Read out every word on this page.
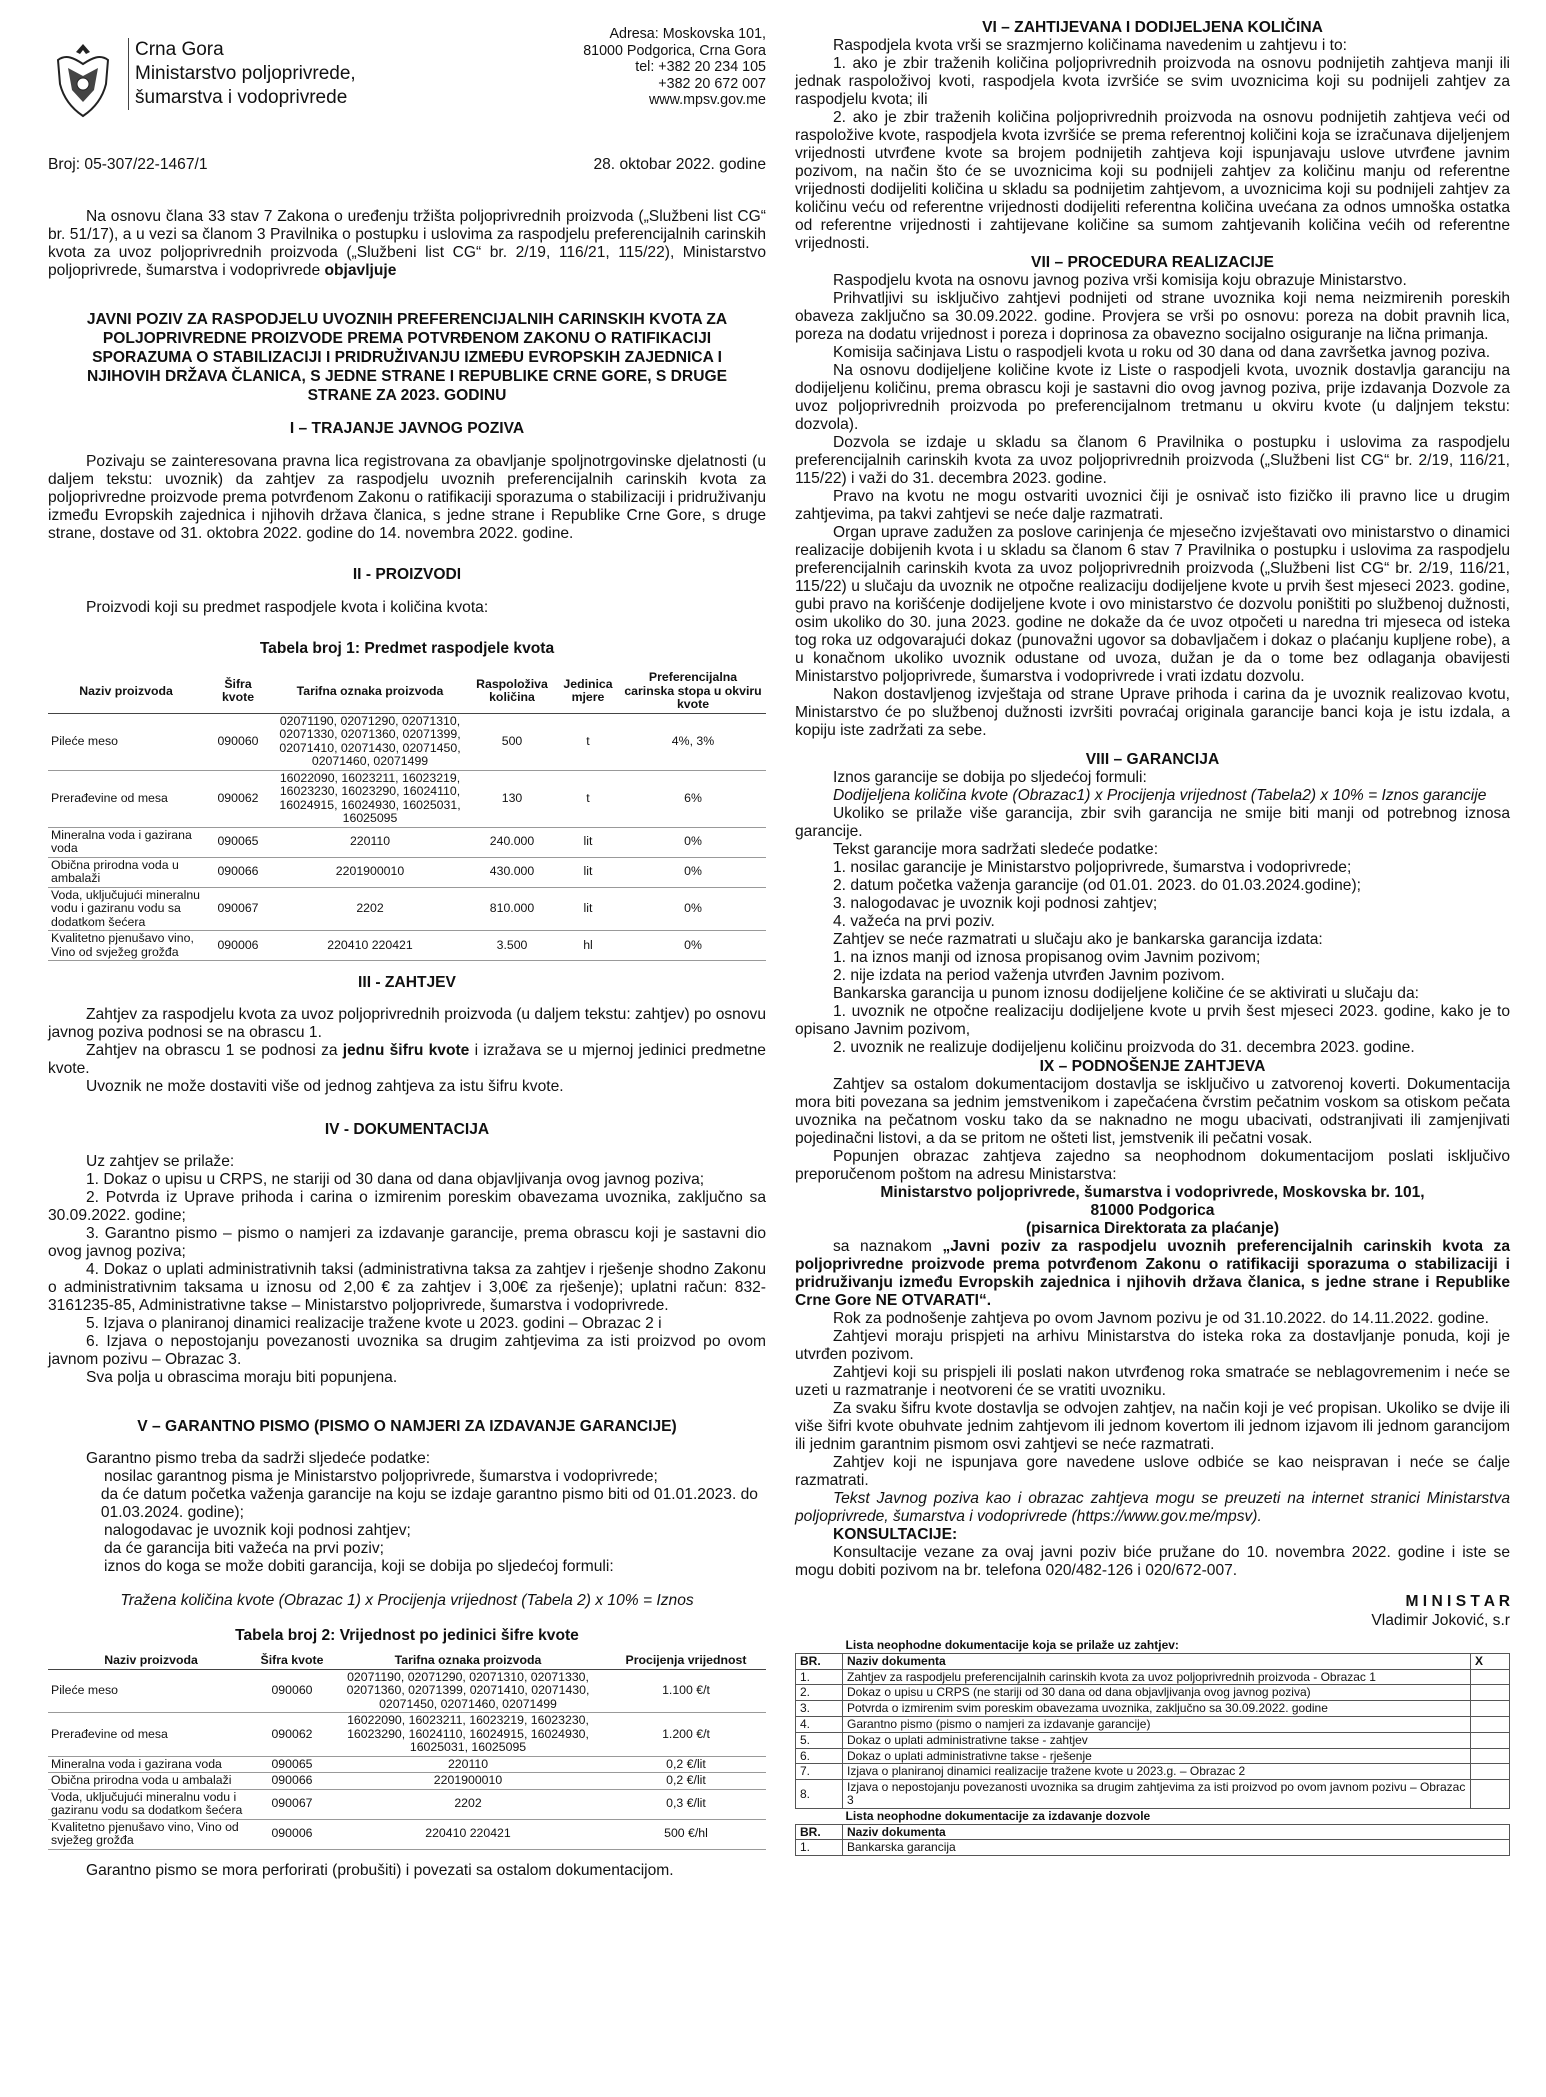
Crna Gora
Ministarstvo poljoprivrede,
šumarstva i vodoprivrede
Adresa: Moskovska 101,
81000 Podgorica, Crna Gora
tel: +382 20 234 105
+382 20 672 007
www.mpsv.gov.me
Broj: 05-307/22-1467/1	28. oktobar 2022. godine

Na osnovu člana 33 stav 7 Zakona o uređenju tržišta poljoprivrednih proizvoda („Službeni list CG“ br. 51/17), a u vezi sa članom 3 Pravilnika o postupku i uslovima za raspodjelu preferencijalnih carinskih kvota za uvoz poljoprivrednih proizvoda („Službeni list CG“ br. 2/19, 116/21, 115/22), Ministarstvo poljoprivrede, šumarstva i vodoprivrede objavljuje

JAVNI POZIV ZA RASPODJELU UVOZNIH PREFERENCIJALNIH CARINSKIH KVOTA ZA POLJOPRIVREDNE PROIZVODE PREMA POTVRĐENOM ZAKONU O RATIFIKACIJI SPORAZUMA O STABILIZACIJI I PRIDRUŽIVANJU IZMEĐU EVROPSKIH ZAJEDNICA I NJIHOVIH DRŽAVA ČLANICA, S JEDNE STRANE I REPUBLIKE CRNE GORE, S DRUGE STRANE ZA 2023. GODINU

I – TRAJANJE JAVNOG POZIVA

Pozivaju se zainteresovana pravna lica registrovana za obavljanje spoljnotrgovinske djelatnosti (u daljem tekstu: uvoznik) da zahtjev za raspodjelu uvoznih preferencijalnih carinskih kvota za poljoprivredne proizvode prema potvrđenom Zakonu o ratifikaciji sporazuma o stabilizaciji i pridruživanju između Evropskih zajednica i njihovih država članica, s jedne strane i Republike Crne Gore, s druge strane, dostave od 31. oktobra 2022. godine do 14. novembra 2022. godine.

II - PROIZVODI

Proizvodi koji su predmet raspodjele kvota i količina kvota:

Tabela broj 1: Predmet raspodjele kvota
Naziv proizvoda	Šifra kvote	Tarifna oznaka proizvoda	Raspoloživa količina	Jedinica mjere	Preferencijalna carinska stopa u okviru kvote
Pileće meso	090060	02071190, 02071290, 02071310, 02071330, 02071360, 02071399, 02071410, 02071430, 02071450, 02071460, 02071499	500	t	4%, 3%
Prerađevine od mesa	090062	16022090, 16023211, 16023219, 16023230, 16023290, 16024110, 16024915, 16024930, 16025031, 16025095	130	t	6%
Mineralna voda i gazirana voda	090065	220110	240.000	lit	0%
Obična prirodna voda u ambalaži	090066	2201900010	430.000	lit	0%
Voda, uključujući mineralnu vodu i gaziranu vodu sa dodatkom šećera	090067	2202	810.000	lit	0%
Kvalitetno pjenušavo vino, Vino od svježeg grožđa	090006	220410 220421	3.500	hl	0%
III - ZAHTJEV

Zahtjev za raspodjelu kvota za uvoz poljoprivrednih proizvoda (u daljem tekstu: zahtjev) po osnovu javnog poziva podnosi se na obrascu 1.

Zahtjev na obrascu 1 se podnosi za jednu šifru kvote i izražava se u mjernoj jedinici predmetne kvote.

Uvoznik ne može dostaviti više od jednog zahtjeva za istu šifru kvote.

IV - DOKUMENTACIJA

Uz zahtjev se prilaže:

1. Dokaz o upisu u CRPS, ne stariji od 30 dana od dana objavljivanja ovog javnog poziva;

2. Potvrda iz Uprave prihoda i carina o izmirenim poreskim obavezama uvoznika, zaključno sa 30.09.2022. godine;

3. Garantno pismo – pismo o namjeri za izdavanje garancije, prema obrascu koji je sastavni dio ovog javnog poziva;

4. Dokaz o uplati administrativnih taksi (administrativna taksa za zahtjev i rješenje shodno Zakonu o administrativnim taksama u iznosu od 2,00 € za zahtjev i 3,00€ za rješenje); uplatni račun: 832-3161235-85, Administrativne takse – Ministarstvo poljoprivrede, šumarstva i vodoprivrede.

5. Izjava o planiranoj dinamici realizacije tražene kvote u 2023. godini – Obrazac 2 i

6. Izjava o nepostojanju povezanosti uvoznika sa drugim zahtjevima za isti proizvod po ovom javnom pozivu – Obrazac 3.

Sva polja u obrascima moraju biti popunjena.

V – GARANTNO PISMO (PISMO O NAMJERI ZA IZDAVANJE GARANCIJE)

Garantno pismo treba da sadrži sljedeće podatke:

nosilac garantnog pisma je Ministarstvo poljoprivrede, šumarstva i vodoprivrede;
da će datum početka važenja garancije na koju se izdaje garantno pismo biti od 01.01.2023. do 01.03.2024. godine);
nalogodavac je uvoznik koji podnosi zahtjev;
da će garancija biti važeća na prvi poziv;
iznos do koga se može dobiti garancija, koji se dobija po sljedećoj formuli:

Tražena količina kvote (Obrazac 1) x Procijenja vrijednost (Tabela 2) x 10% = Iznos

Tabela broj 2: Vrijednost po jedinici šifre kvote
Naziv proizvoda	Šifra kvote	Tarifna oznaka proizvoda	Procijenja vrijednost
Pileće meso	090060	02071190, 02071290, 02071310, 02071330, 02071360, 02071399, 02071410, 02071430, 02071450, 02071460, 02071499	1.100 €/t
Prerađevine od mesa	090062	16022090, 16023211, 16023219, 16023230, 16023290, 16024110, 16024915, 16024930, 16025031, 16025095	1.200 €/t
Mineralna voda i gazirana voda	090065	220110	0,2 €/lit
Obična prirodna voda u ambalaži	090066	2201900010	0,2 €/lit
Voda, uključujući mineralnu vodu i gaziranu vodu sa dodatkom šećera	090067	2202	0,3 €/lit
Kvalitetno pjenušavo vino, Vino od svježeg grožđa	090006	220410 220421	500 €/hl

Garantno pismo se mora perforirati (probušiti) i povezati sa ostalom dokumentacijom.

VI – ZAHTIJEVANA I DODIJELJENA KOLIČINA

Raspodjela kvota vrši se srazmjerno količinama navedenim u zahtjevu i to:

1. ako je zbir traženih količina poljoprivrednih proizvoda na osnovu podnijetih zahtjeva manji ili jednak raspoloživoj kvoti, raspodjela kvota izvršiće se svim uvoznicima koji su podnijeli zahtjev za raspodjelu kvota; ili

2. ako je zbir traženih količina poljoprivrednih proizvoda na osnovu podnijetih zahtjeva veći od raspoložive kvote, raspodjela kvota izvršiće se prema referentnoj količini koja se izračunava dijeljenjem vrijednosti utvrđene kvote sa brojem podnijetih zahtjeva koji ispunjavaju uslove utvrđene javnim pozivom, na način što će se uvoznicima koji su podnijeli zahtjev za količinu manju od referentne vrijednosti dodijeliti količina u skladu sa podnijetim zahtjevom, a uvoznicima koji su podnijeli zahtjev za količinu veću od referentne vrijednosti dodijeliti referentna količina uvećana za odnos umnoška ostatka od referentne vrijednosti i zahtijevane količine sa sumom zahtjevanih količina većih od referentne vrijednosti.

VII – PROCEDURA REALIZACIJE

Raspodjelu kvota na osnovu javnog poziva vrši komisija koju obrazuje Ministarstvo.

Prihvatljivi su isključivo zahtjevi podnijeti od strane uvoznika koji nema neizmirenih poreskih obaveza zaključno sa 30.09.2022. godine. Provjera se vrši po osnovu: poreza na dobit pravnih lica, poreza na dodatu vrijednost i poreza i doprinosa za obavezno socijalno osiguranje na lična primanja.

Komisija sačinjava Listu o raspodjeli kvota u roku od 30 dana od dana završetka javnog poziva.

Na osnovu dodijeljene količine kvote iz Liste o raspodjeli kvota, uvoznik dostavlja garanciju na dodijeljenu količinu, prema obrascu koji je sastavni dio ovog javnog poziva, prije izdavanja Dozvole za uvoz poljoprivrednih proizvoda po preferencijalnom tretmanu u okviru kvote (u daljnjem tekstu: dozvola).

Dozvola se izdaje u skladu sa članom 6 Pravilnika o postupku i uslovima za raspodjelu preferencijalnih carinskih kvota za uvoz poljoprivrednih proizvoda („Službeni list CG“ br. 2/19, 116/21, 115/22) i važi do 31. decembra 2023. godine.

Pravo na kvotu ne mogu ostvariti uvoznici čiji je osnivač isto fizičko ili pravno lice u drugim zahtjevima, pa takvi zahtjevi se neće dalje razmatrati.

Organ uprave zadužen za poslove carinjenja će mjesečno izvještavati ovo ministarstvo o dinamici realizacije dobijenih kvota i u skladu sa članom 6 stav 7 Pravilnika o postupku i uslovima za raspodjelu preferencijalnih carinskih kvota za uvoz poljoprivrednih proizvoda („Službeni list CG“ br. 2/19, 116/21, 115/22) u slučaju da uvoznik ne otpočne realizaciju dodijeljene kvote u prvih šest mjeseci 2023. godine, gubi pravo na korišćenje dodijeljene kvote i ovo ministarstvo će dozvolu poništiti po službenoj dužnosti, osim ukoliko do 30. juna 2023. godine ne dokaže da će uvoz otpočeti u naredna tri mjeseca od isteka tog roka uz odgovarajući dokaz (punovažni ugovor sa dobavljačem i dokaz o plaćanju kupljene robe), a u konačnom ukoliko uvoznik odustane od uvoza, dužan je da o tome bez odlaganja obavijesti Ministarstvo poljoprivrede, šumarstva i vodoprivrede i vrati izdatu dozvolu.

Nakon dostavljenog izvještaja od strane Uprave prihoda i carina da je uvoznik realizovao kvotu, Ministarstvo će po službenoj dužnosti izvršiti povraćaj originala garancije banci koja je istu izdala, a kopiju iste zadržati za sebe.

VIII – GARANCIJA

Iznos garancije se dobija po sljedećoj formuli:

Dodijeljena količina kvote (Obrazac1) x Procijenja vrijednost (Tabela2) x 10% = Iznos garancije

Ukoliko se prilaže više garancija, zbir svih garancija ne smije biti manji od potrebnog iznosa garancije.

Tekst garancije mora sadržati sledeće podatke:

1. nosilac garancije je Ministarstvo poljoprivrede, šumarstva i vodoprivrede;

2. datum početka važenja garancije (od 01.01. 2023. do 01.03.2024.godine);

3. nalogodavac je uvoznik koji podnosi zahtjev;

4. važeća na prvi poziv.

Zahtjev se neće razmatrati u slučaju ako je bankarska garancija izdata:

1. na iznos manji od iznosa propisanog ovim Javnim pozivom;

2. nije izdata na period važenja utvrđen Javnim pozivom.

Bankarska garancija u punom iznosu dodijeljene količine će se aktivirati u slučaju da:

1. uvoznik ne otpočne realizaciju dodijeljene kvote u prvih šest mjeseci 2023. godine, kako je to opisano Javnim pozivom,

2. uvoznik ne realizuje dodijeljenu količinu proizvoda do 31. decembra 2023. godine.

IX – PODNOŠENJE ZAHTJEVA

Zahtjev sa ostalom dokumentacijom dostavlja se isključivo u zatvorenoj koverti. Dokumentacija mora biti povezana sa jednim jemstvenikom i zapečaćena čvrstim pečatnim voskom sa otiskom pečata uvoznika na pečatnom vosku tako da se naknadno ne mogu ubacivati, odstranjivati ili zamjenjivati pojedinačni listovi, a da se pritom ne ošteti list, jemstvenik ili pečatni vosak.

Popunjen obrazac zahtjeva zajedno sa neophodnom dokumentacijom poslati isključivo preporučenom poštom na adresu Ministarstva:

Ministarstvo poljoprivrede, šumarstva i vodoprivrede, Moskovska br. 101,

81000 Podgorica

(pisarnica Direktorata za plaćanje)

sa naznakom „Javni poziv za raspodjelu uvoznih preferencijalnih carinskih kvota za poljoprivredne proizvode prema potvrđenom Zakonu o ratifikaciji sporazuma o stabilizaciji i pridruživanju između Evropskih zajednica i njihovih država članica, s jedne strane i Republike Crne Gore NE OTVARATI“.

Rok za podnošenje zahtjeva po ovom Javnom pozivu je od 31.10.2022. do 14.11.2022. godine.

Zahtjevi moraju prispjeti na arhivu Ministarstva do isteka roka za dostavljanje ponuda, koji je utvrđen pozivom.

Zahtjevi koji su prispjeli ili poslati nakon utvrđenog roka smatraće se neblagovremenim i neće se uzeti u razmatranje i neotvoreni će se vratiti uvozniku.

Za svaku šifru kvote dostavlja se odvojen zahtjev, na način koji je već propisan. Ukoliko se dvije ili više šifri kvote obuhvate jednim zahtjevom ili jednom kovertom ili jednom izjavom ili jednom garancijom ili jednim garantnim pismom osvi zahtjevi se neće razmatrati.

Zahtjev koji ne ispunjava gore navedene uslove odbiće se kao neispravan i neće se ćalje razmatrati.

Tekst Javnog poziva kao i obrazac zahtjeva mogu se preuzeti na internet stranici Ministarstva poljoprivrede, šumarstva i vodoprivrede (https://www.gov.me/mpsv).

KONSULTACIJE:

Konsultacije vezane za ovaj javni poziv biće pružane do 10. novembra 2022. godine i iste se mogu dobiti pozivom na br. telefona 020/482-126 i 020/672-007.

M I N I S T A R
Vladimir Joković, s.r
Lista neophodne dokumentacije koja se prilaže uz zahtjev:		
BR.	Naziv dokumenta	X
1.	Zahtjev za raspodjelu preferencijalnih carinskih kvota za uvoz poljoprivrednih proizvoda - Obrazac 1	
2.	Dokaz o upisu u CRPS (ne stariji od 30 dana od dana objavljivanja ovog javnog poziva)	
3.	Potvrda o izmirenim svim poreskim obavezama uvoznika, zaključno sa 30.09.2022. godine	
4.	Garantno pismo (pismo o namjeri za izdavanje garancije)	
5.	Dokaz o uplati administrativne takse - zahtjev	
6.	Dokaz o uplati administrativne takse - rješenje	
7.	Izjava o planiranoj dinamici realizacije tražene kvote u 2023.g. – Obrazac 2	
8.	Izjava o nepostojanju povezanosti uvoznika sa drugim zahtjevima za isti proizvod po ovom javnom pozivu – Obrazac 3	
Lista neophodne dokumentacije za izdavanje dozvole		
BR.	Naziv dokumenta	
1.	Bankarska garancija	
